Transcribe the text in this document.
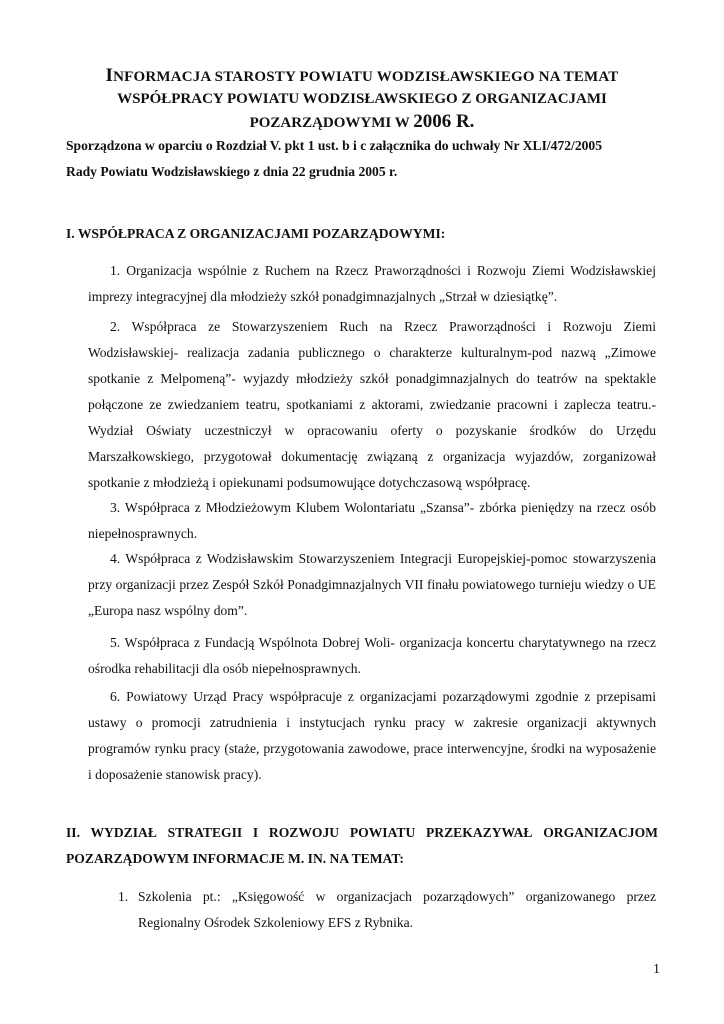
INFORMACJA STAROSTY POWIATU WODZISŁAWSKIEGO NA TEMAT
WSPÓŁPRACY POWIATU WODZISŁAWSKIEGO Z ORGANIZACJAMI
POZARZĄDOWYMI W 2006 R.
Sporządzona w oparciu o Rozdział V. pkt 1 ust. b i c załącznika do uchwały Nr XLI/472/2005
Rady Powiatu Wodzisławskiego z dnia 22 grudnia 2005 r.
I. WSPÓŁPRACA Z ORGANIZACJAMI POZARZĄDOWYMI:

1. Organizacja wspólnie z Ruchem na Rzecz Praworządności i Rozwoju Ziemi Wodzisławskiej imprezy integracyjnej dla młodzieży szkół ponadgimnazjalnych „Strzał w dziesiątkę”.

2. Współpraca ze Stowarzyszeniem Ruch na Rzecz Praworządności i Rozwoju Ziemi Wodzisławskiej- realizacja zadania publicznego o charakterze kulturalnym-pod nazwą „Zimowe spotkanie z Melpomeną”- wyjazdy młodzieży szkół ponadgimnazjalnych do teatrów na spektakle połączone ze zwiedzaniem teatru, spotkaniami z aktorami, zwiedzanie pracowni i zaplecza teatru.- Wydział Oświaty uczestniczył w opracowaniu oferty o pozyskanie środków do Urzędu Marszałkowskiego, przygotował dokumentację związaną z organizacja wyjazdów, zorganizował spotkanie z młodzieżą i opiekunami podsumowujące dotychczasową współpracę.

3. Współpraca z Młodzieżowym Klubem Wolontariatu „Szansa”- zbórka pieniędzy na rzecz osób niepełnosprawnych.

4. Współpraca z Wodzisławskim Stowarzyszeniem Integracji Europejskiej-pomoc stowarzyszenia przy organizacji przez Zespół Szkół Ponadgimnazjalnych VII finału powiatowego turnieju wiedzy o UE „Europa nasz wspólny dom”.

5. Współpraca z Fundacją Wspólnota Dobrej Woli- organizacja koncertu charytatywnego na rzecz ośrodka rehabilitacji dla osób niepełnosprawnych.

6. Powiatowy Urząd Pracy współpracuje z organizacjami pozarządowymi zgodnie z przepisami ustawy o promocji zatrudnienia i instytucjach rynku pracy w zakresie organizacji aktywnych programów rynku pracy (staże, przygotowania zawodowe, prace interwencyjne, środki na wyposażenie i doposażenie stanowisk pracy).

II. WYDZIAŁ STRATEGII I ROZWOJU POWIATU PRZEKAZYWAŁ ORGANIZACJOM POZARZĄDOWYM INFORMACJE M. IN. NA TEMAT:
1. Szkolenia pt.: „Księgowość w organizacjach pozarządowych” organizowanego przez Regionalny Ośrodek Szkoleniowy EFS z Rybnika.
1
